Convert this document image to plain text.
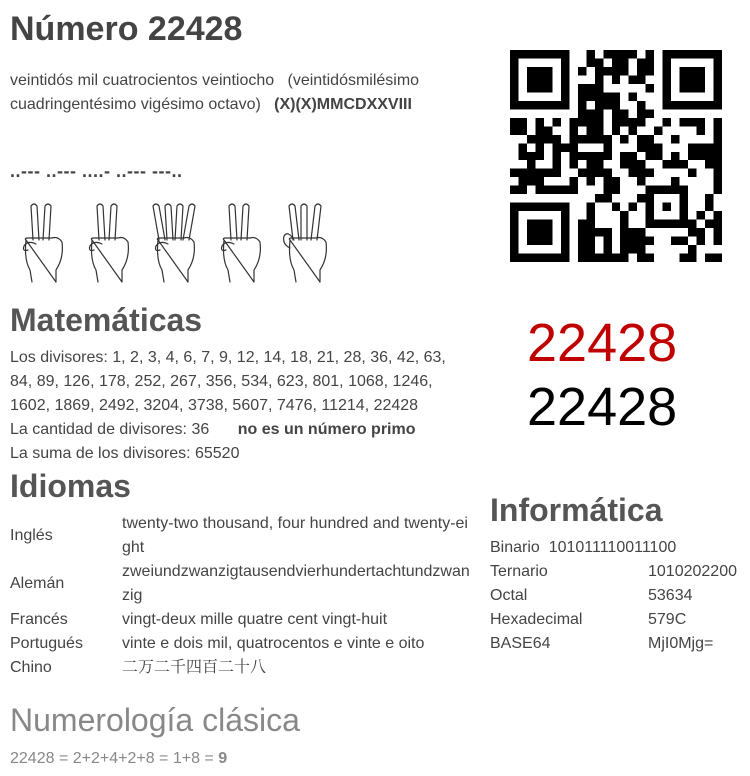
Número 22428
veintidós mil cuatrocientos veintiocho (veintidósmilésimo cuadringentésimo vigésimo octavo) (X)(X)MMCDXXVIII
..--- ..--- ....- ..--- ---..
22428
22428
Matemáticas
Los divisores: 1, 2, 3, 4, 6, 7, 9, 12, 14, 18, 21, 28, 36, 42, 63, 84, 89, 126, 178, 252, 267, 356, 534, 623, 801, 1068, 1246, 1602, 1869, 2492, 3204, 3738, 5607, 7476, 11214, 22428
La cantidad de divisores: 36 no es un número primo
La suma de los divisores: 65520
Idiomas
Inglés	twenty-two thousand, four hundred and twenty-eight
Alemán	zweiundzwanzigtausendvierhundertachtundzwanzig
Francés	vingt-deux mille quatre cent vingt-huit
Portugués	vinte e dois mil, quatrocentos e vinte e oito
Chino	二万二千四百二十八
Informática
Binario 101011110011100
Ternario	1010202200
Octal	53634
Hexadecimal	579C
BASE64	MjI0Mjg=
Numerología clásica
22428 = 2+2+4+2+8 = 1+8 = 9
